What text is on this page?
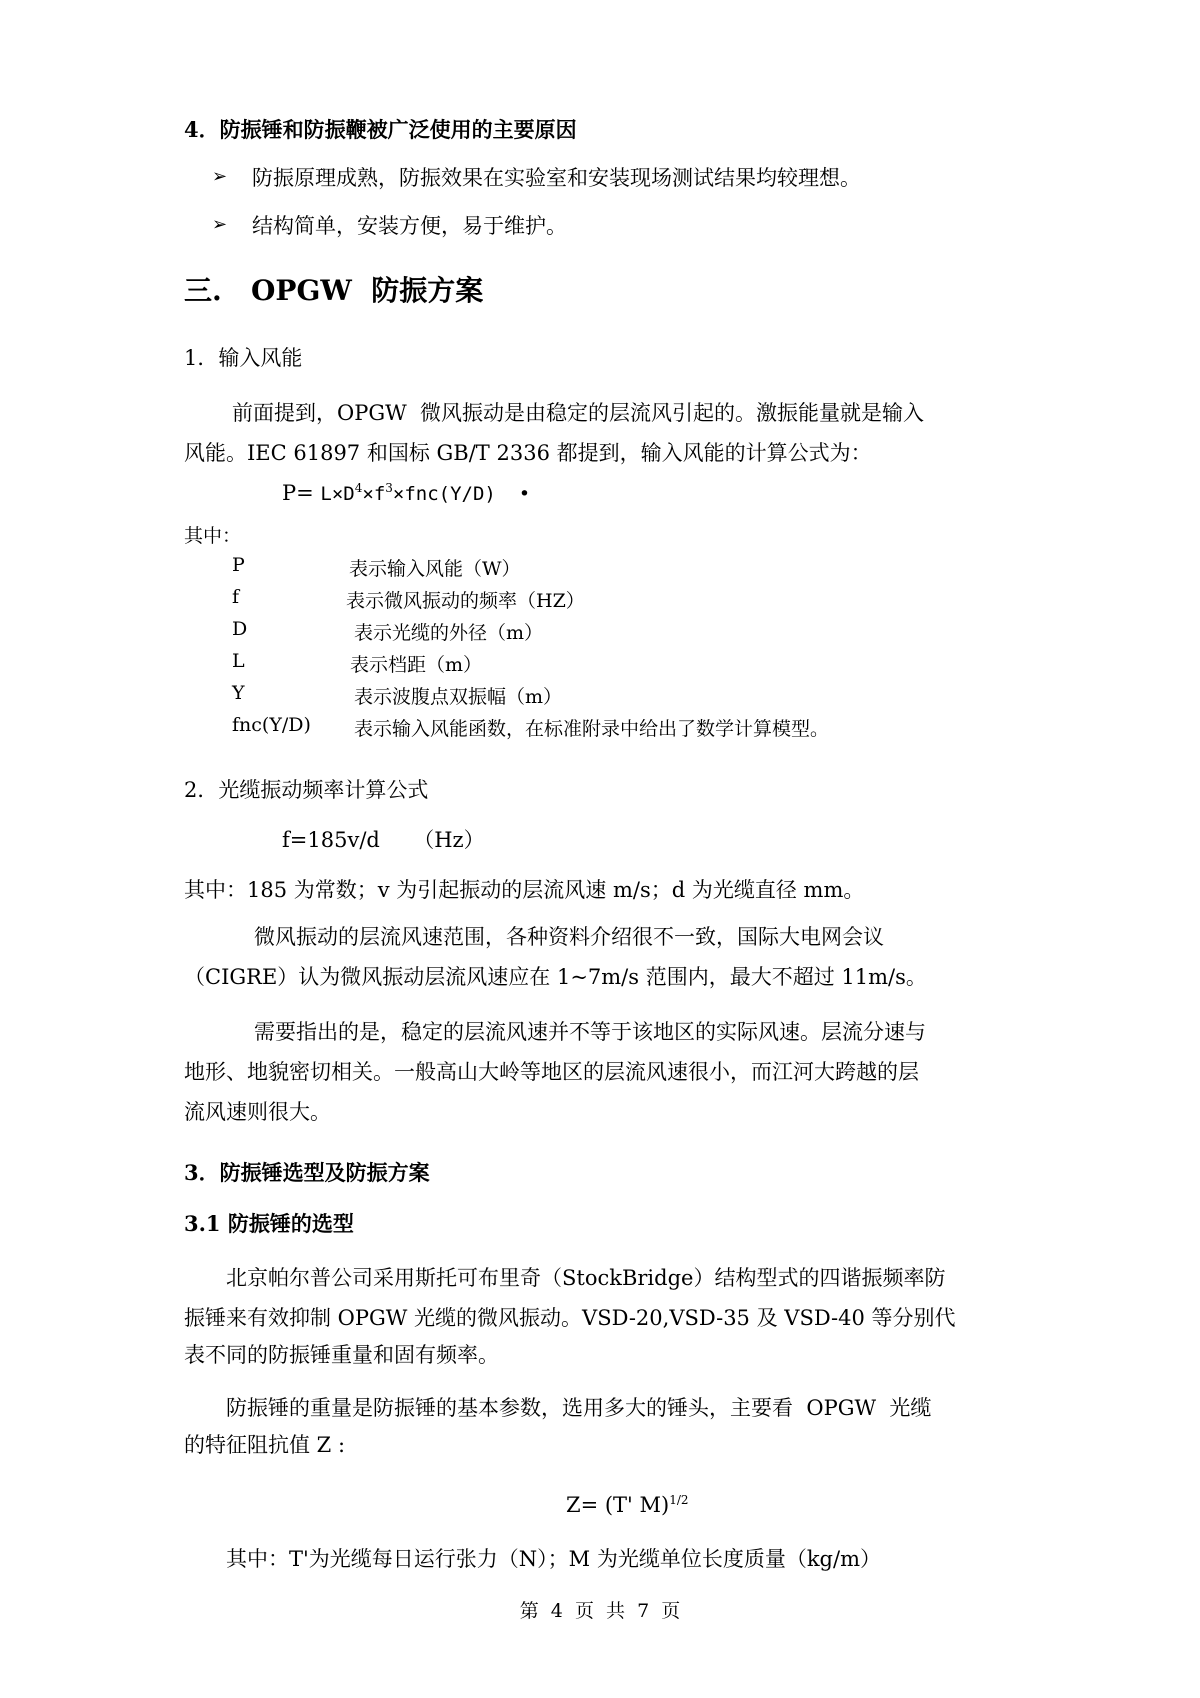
4．防振锤和防振鞭被广泛使用的主要原因
➢ 防振原理成熟，防振效果在实验室和安装现场测试结果均较理想。
➢ 结构简单，安装方便，易于维护。
三.   OPGW  防振方案
1．输入风能
前面提到，OPGW  微风振动是由稳定的层流风引起的。激振能量就是输入
风能。IEC 61897 和国标 GB/T 2336 都提到，输入风能的计算公式为：
$P= L\times D^4\times f^3\times fnc(Y/D)$  •
其中：
P	表示输入风能（W）
f	表示微风振动的频率（HZ）
D	表示光缆的外径（m）
L	表示档距（m）
Y	表示波腹点双振幅（m）
fnc(Y/D) 表示输入风能函数，在标准附录中给出了数学计算模型。
2．光缆振动频率计算公式
f=185v/d     （Hz）
其中：185 为常数；v 为引起振动的层流风速 m/s；d 为光缆直径 mm。
微风振动的层流风速范围，各种资料介绍很不一致，国际大电网会议
（CIGRE）认为微风振动层流风速应在 1~7m/s 范围内，最大不超过 11m/s。
需要指出的是，稳定的层流风速并不等于该地区的实际风速。层流分速与
地形、地貌密切相关。一般高山大岭等地区的层流风速很小，而江河大跨越的层
流风速则很大。
3．防振锤选型及防振方案
3.1 防振锤的选型
北京帕尔普公司采用斯托可布里奇（StockBridge）结构型式的四谐振频率防
振锤来有效抑制 OPGW 光缆的微风振动。VSD-20,VSD-35 及 VSD-40 等分别代
表不同的防振锤重量和固有频率。
防振锤的重量是防振锤的基本参数，选用多大的锤头，主要看  OPGW  光缆
的特征阻抗值 Z :
Z= (T' M)$^{1/2}$
其中：T'为光缆每日运行张力（N）；M 为光缆单位长度质量（kg/m）
第  4  页  共  7  页
